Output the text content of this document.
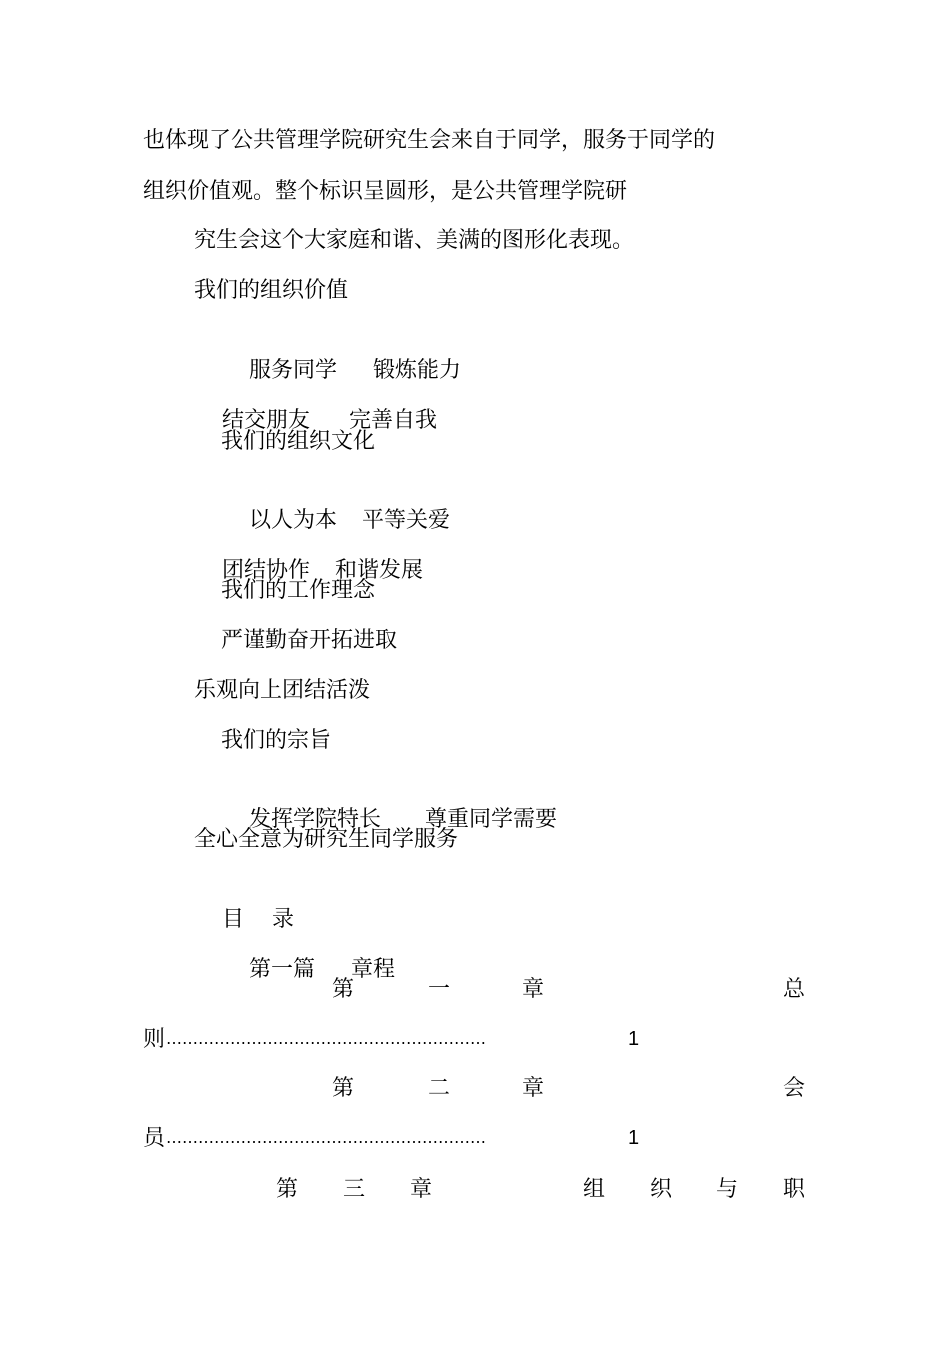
也体现了公共管理学院研究生会来自于同学，服务于同学的
组织价值观。整个标识呈圆形，是公共管理学院研
究生会这个大家庭和谐、美满的图形化表现。
我们的组织价值

服务同学 锻炼能力

结交朋友 完善自我

我们的组织文化

以人为本 平等关爱

团结协作 和谐发展

我们的工作理念
严谨勤奋开拓进取
乐观向上团结活泼
我们的宗旨

发挥学院特长 尊重同学需要

全心全意为研究生同学服务

目 录

第一篇 章程

第	一	章	总
则 ……………………………………………………	1
第	二	章	会
员 ……………………………………………………	1
第 三 章	组 织 与 职
